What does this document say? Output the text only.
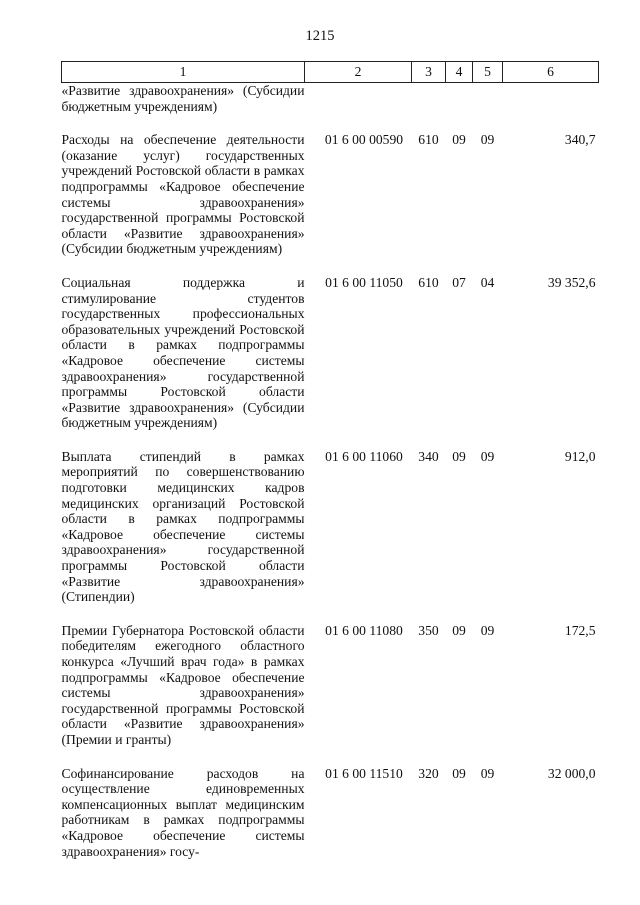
1215
1	2	3	4	5	6
«Развитие здравоохранения» (Субсидии бюджетным учреждениям)					
Расходы на обеспечение деятельности (оказание услуг) государственных учреждений Ростовской области в рамках подпрограммы «Кадровое обеспечение системы здравоохранения» государственной программы Ростовской области «Развитие здравоохранения» (Субсидии бюджетным учреждениям)	01 6 00 00590	610	09	09	340,7
Социальная поддержка и стимулирование студентов государственных профессиональных образовательных учреждений Ростовской области в рамках подпрограммы «Кадровое обеспечение системы здравоохранения» государственной программы Ростовской области «Развитие здравоохранения» (Субсидии бюджетным учреждениям)	01 6 00 11050	610	07	04	39 352,6
Выплата стипендий в рамках мероприятий по совершенствованию подготовки медицинских кадров медицинских организаций Ростовской области в рамках подпрограммы «Кадровое обеспечение системы здравоохранения» государственной программы Ростовской области «Развитие здравоохранения» (Стипендии)	01 6 00 11060	340	09	09	912,0
Премии Губернатора Ростовской области победителям ежегодного областного конкурса «Лучший врач года» в рамках подпрограммы «Кадровое обеспечение системы здравоохранения» государственной программы Ростовской области «Развитие здравоохранения» (Премии и гранты)	01 6 00 11080	350	09	09	172,5
Софинансирование расходов на осуществление единовременных компенсационных выплат медицинским работникам в рамках подпрограммы «Кадровое обеспечение системы здравоохранения» госу-	01 6 00 11510	320	09	09	32 000,0
